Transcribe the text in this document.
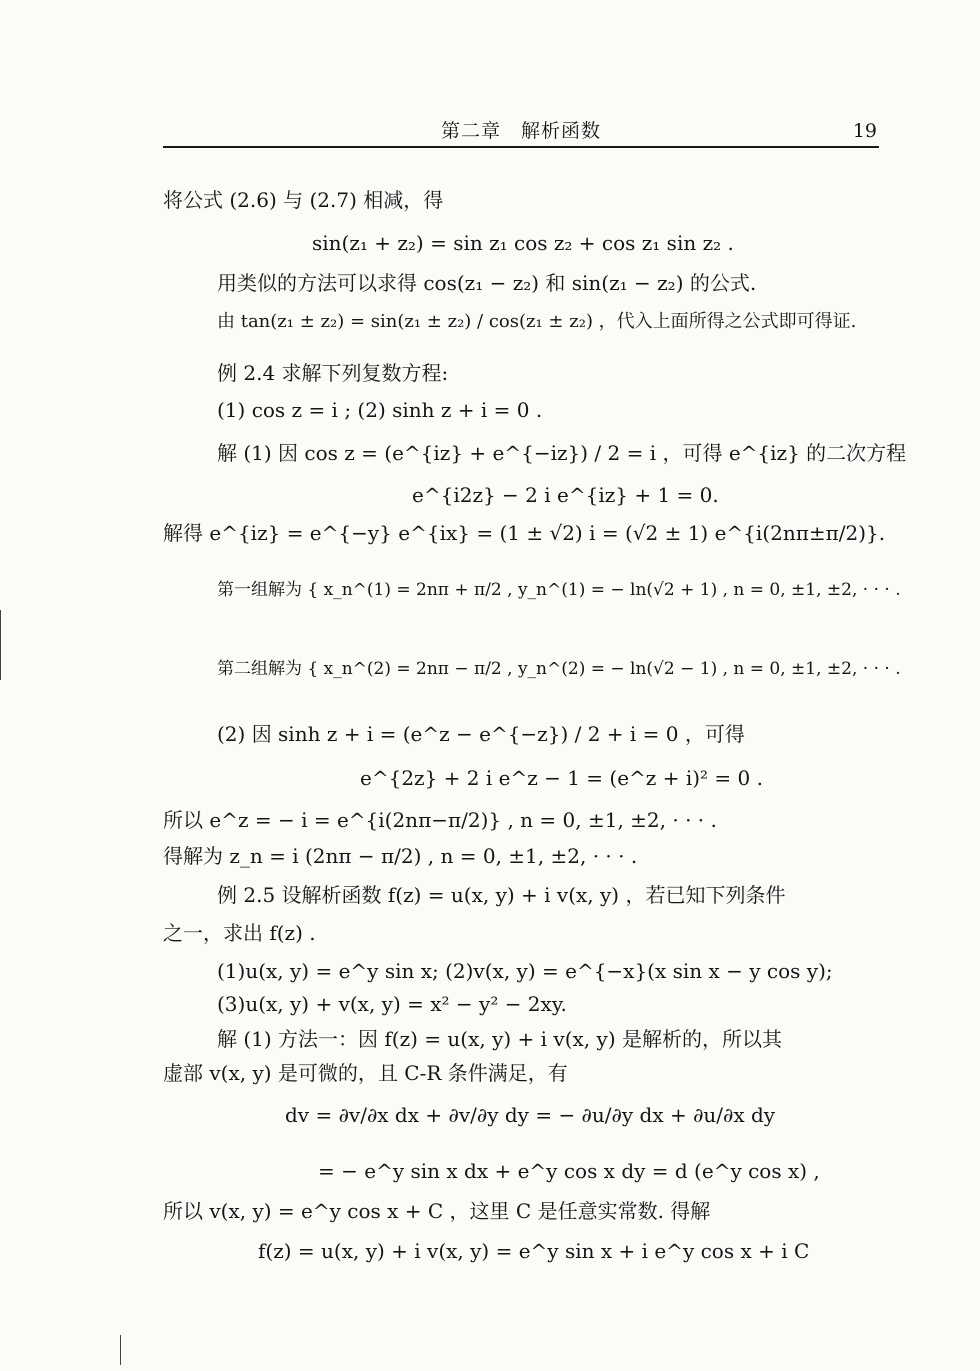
第二章　解析函数	19
将公式 (2.6) 与 (2.7) 相减，得
sin(z₁ + z₂) = sin z₁ cos z₂ + cos z₁ sin z₂ .
用类似的方法可以求得 cos(z₁ − z₂) 和 sin(z₁ − z₂) 的公式.
由 tan(z₁ ± z₂) = sin(z₁ ± z₂) / cos(z₁ ± z₂) ，代入上面所得之公式即可得证.
例 2.4 求解下列复数方程:
(1) cos z = i ; (2) sinh z + i = 0 .
解 (1) 因 cos z = (e^{iz} + e^{−iz}) / 2 = i ，可得 e^{iz} 的二次方程
e^{i2z} − 2 i e^{iz} + 1 = 0.
解得 e^{iz} = e^{−y} e^{ix} = (1 ± √2) i = (√2 ± 1) e^{i(2nπ±π/2)}.
第一组解为 { x_n^(1) = 2nπ + π/2 , y_n^(1) = − ln(√2 + 1) , n = 0, ±1, ±2, · · · .
第二组解为 { x_n^(2) = 2nπ − π/2 , y_n^(2) = − ln(√2 − 1) , n = 0, ±1, ±2, · · · .
(2) 因 sinh z + i = (e^z − e^{−z}) / 2 + i = 0 ，可得
e^{2z} + 2 i e^z − 1 = (e^z + i)² = 0 .
所以 e^z = − i = e^{i(2nπ−π/2)} , n = 0, ±1, ±2, · · · .
得解为 z_n = i (2nπ − π/2) , n = 0, ±1, ±2, · · · .
例 2.5 设解析函数 f(z) = u(x, y) + i v(x, y) ，若已知下列条件
之一，求出 f(z) .
(1)u(x, y) = e^y sin x; (2)v(x, y) = e^{−x}(x sin x − y cos y);
(3)u(x, y) + v(x, y) = x² − y² − 2xy.
解 (1) 方法一：因 f(z) = u(x, y) + i v(x, y) 是解析的，所以其
虚部 v(x, y) 是可微的，且 C-R 条件满足，有
dv = ∂v/∂x dx + ∂v/∂y dy = − ∂u/∂y dx + ∂u/∂x dy
= − e^y sin x dx + e^y cos x dy = d (e^y cos x) ,
所以 v(x, y) = e^y cos x + C ，这里 C 是任意实常数. 得解
f(z) = u(x, y) + i v(x, y) = e^y sin x + i e^y cos x + i C
